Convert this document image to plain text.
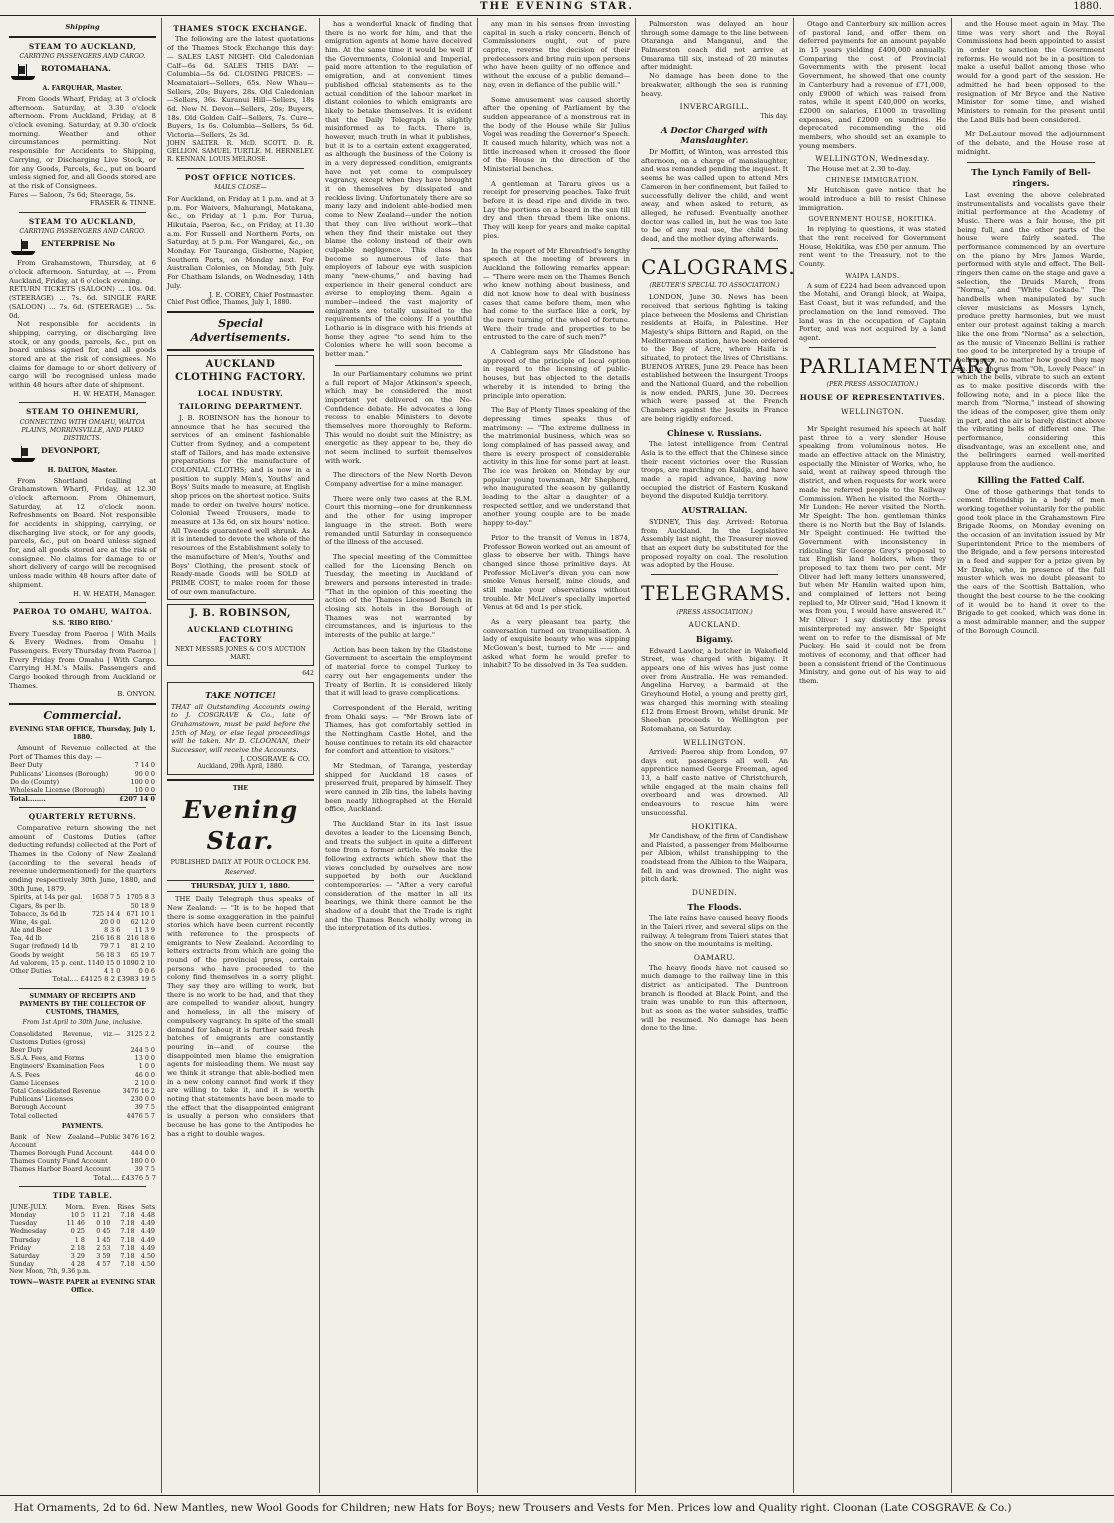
THE EVENING STAR.	1880.
Shipping
STEAM TO AUCKLAND,
CARRYING PASSENGERS AND CARGO.
ROTOMAHANA.
A. FARQUHAR, Master.

From Goods Wharf, Friday, at 3 o'clock afternoon. Saturday, at 3.30 o'clock afternoon. From Auckland, Friday, at 8 o'clock evening. Saturday, at 9.30 o'clock morning. Weather and other circumstances permitting. Not responsible for Accidents to Shipping, Carrying, or Discharging Live Stock, or for any Goods, Parcels, &c., put on board unless signed for, and all Goods stored are at the risk of Consignees.

Fares — Saloon, 7s 6d; Steerage, 5s.

FRASER & TINNE.

STEAM TO AUCKLAND,
CARRYING PASSENGERS AND CARGO.
ENTERPRISE No

From Grahamstown, Thursday, at 6 o'clock afternoon. Saturday, at —. From Auckland, Friday, at 6 o'clock evening.

RETURN TICKETS (SALOON) ... 10s. 0d. (STEERAGE) ... 7s. 6d. SINGLE FARE (SALOON) ... 7s. 6d. (STEERAGE) ... 5s. 0d.

Not responsible for accidents in shipping, carrying, or discharging live stock, or any goods, parcels, &c., put on board unless signed for, and all goods stored are at the risk of consignees. No claims for damage to or short delivery of cargo will be recognised unless made within 48 hours after date of shipment.

H. W. HEATH, Manager.

STEAM TO OHINEMURI,
CONNECTING WITH OMAHU, WAITOA PLAINS, MORRINSVILLE, AND PIAKO DISTRICTS.
DEVONPORT,
H. DALTON, Master.

From Shortland (calling at Grahamstown Wharf), Friday, at 12.30 o'clock afternoon. From Ohinemuri, Saturday, at 12 o'clock noon. Refreshments on Board. Not responsible for accidents in shipping, carrying, or discharging live stock, or for any goods, parcels, &c., put on board unless signed for, and all goods stored are at the risk of consignee. No claims for damage to or short delivery of cargo will be recognised unless made within 48 hours after date of shipment.

H. W. HEATH, Manager.

PAEROA TO OMAHU, WAITOA.
S.S. 'RIBO RIBO.'

Every Tuesday from Paeroa | With Mails & Every Wednes. from Omahu | Passengers. Every Thursday from Paeroa | Every Friday from Omahu | With Cargo. Carrying H.M.'s Mails. Passengers and Cargo booked through from Auckland or Thames.

B. ONYON.

Commercial.
EVENING STAR OFFICE, Thursday, July 1, 1880.

Amount of Revenue collected at the Port of Thames this day: —

Beer Duty	7 14 0
Publicans' Licenses (Borough)	90 0 0
Do do (County)	100 0 0
Wholesale License (Borough)	10 0 0
Total........	£207 14 0
QUARTERLY RETURNS.

Comparative return showing the net amount of Customs Duties (after deducting refunds) collected at the Port of Thames in the Colony of New Zealand (according to the several heads of revenue undermentioned) for the quarters ending respectively 30th June, 1880, and 30th June, 1879.

Spirits, at 14s per gal.	1658 7 5	1705 8 3
Cigars, 8s per lb.		50 18 9
Tobacco, 3s 6d lb	725 14 4	671 10 1
Wine, 4s gal.	20 0 0	62 12 0
Ale and Beer	8 3 6	11 3 9
Tea, 4d lb	216 16 8	216 18 6
Sugar (refined) 1d lb	79 7 1	81 2 10
Goods by weight	56 18 3	65 19 7
Ad valorem, 15 p. cent.	1140 15 0	1090 2 10
Other Duties	4 1 0	0 0 6

Total.... £4125 8 2 £3983 19 5

SUMMARY OF RECEIPTS AND PAYMENTS BY THE COLLECTOR OF CUSTOMS, THAMES,
From 1st April to 30th June, inclusive.
Consolidated Revenue, viz.—Customs Duties (gross)	3125 2 2
Beer Duty	244 5 0
S.S.A. Fees, and Forms	13 0 0
Engineers' Examination Fees	1 0 0
A.S. Fees	46 0 0
Game Licenses	2 10 0
Total Consolidated Revenue	3476 16 2
Publicans' Licenses	230 0 0
Borough Account	39 7 5
Total collected	4476 5 7
PAYMENTS.
Bank of New Zealand—Public Account	3476 16 2
Thames Borough Fund Account	444 0 0
Thames County Fund Account	180 0 0
Thames Harbor Board Account	39 7 5

Total.... £4376 5 7

TIDE TABLE.
JUNE-JULY.	Morn.	Even.	Rises	Sets
Monday	10 5	11 21	7.18	4.48
Tuesday	11 46	0 10	7.18	4.49
Wednesday	0 25	0 45	7.18	4.49
Thursday	1 8	1 45	7.18	4.49
Friday	2 18	2 53	7.18	4.49
Saturday	3 29	3 59	7.18	4.50
Sunday	4 28	4 57	7.18	4.50

New Moon, 7th, 9.36 p.m.

TOWN—WASTE PAPER at EVENING STAR Office.

THAMES STOCK EXCHANGE.

The following are the latest quotations of the Thames Stock Exchange this day: — SALES LAST NIGHT: Old Caledonian Calf—6s 6d. SALES THIS DAY: — Columbia—5s 6d. CLOSING PRICES: — Moanataiari—Sellers, 65s. New Whau—Sellers, 20s; Buyers, 28s. Old Caledonian—Sellers, 36s. Kuranui Hill—Sellers, 18s 6d. New N. Devon—Sellers, 20s; Buyers, 18s. Old Golden Calf—Sellers, 7s. Cure—Buyers, 1s 6s. Columbia—Sellers, 5s 6d. Victoria—Sellers, 2s 3d.

JOHN SALTER. R. McD. SCOTT. D. R. GELLION. SAMUEL TURTLE. M. HERNELEY. R. KENNAN. LOUIS MELROSE.

POST OFFICE NOTICES.
MAILS CLOSE—

For Auckland, on Friday at 1 p.m. and at 3 p.m. For Waivers, Mahurangi, Matakana, &c., on Friday at 1 p.m. For Turua, Hikutaia, Paeroa, &c., on Friday, at 11.30 a.m. For Russell and Northern Ports, on Saturday, at 5 p.m. For Wangarei, &c., on Monday. For Tauranga, Gisborne, Napier, Southern Ports, on Monday next. For Australian Colonies, on Monday, 5th July. For Chatham Islands, on Wednesday, 14th July.

J. E. COREY, Chief Postmaster.

Chief Post Office, Thames, July 1, 1880.

Special Advertisements.
AUCKLAND CLOTHING FACTORY.
LOCAL INDUSTRY.
TAILORING DEPARTMENT.

J. B. ROBINSON has the honour to announce that he has secured the services of an eminent fashionable Cutter from Sydney, and a competent staff of Tailors, and has made extensive preparations for the manufacture of COLONIAL CLOTHS; and is now in a position to supply Men's, Youths' and Boys' Suits made to measure, at English shop prices on the shortest notice. Suits made to order on twelve hours' notice. Colonial Tweed Trousers, made to measure at 13s 6d, on six hours' notice. All Tweeds guaranteed well shrunk. As it is intended to devote the whole of the resources of the Establishment solely to the manufacture of Men's, Youths' and Boys' Clothing, the present stock of Ready-made Goods will be SOLD at PRIME COST, to make room for those of our own manufacture.

J. B. ROBINSON,
AUCKLAND CLOTHING FACTORY
NEXT MESSRS JONES & CO'S AUCTION MART.

642

TAKE NOTICE!

THAT all Outstanding Accounts owing to J. COSGRAVE & Co., late of Grahamstown, must be paid before the 15th of May, or else legal proceedings will be taken. Mr D. CLOONAN, their Successor, will receive the Accounts.

J. COSGRAVE & CO.

Auckland, 29th April, 1880.

THE
Evening Star.
PUBLISHED DAILY AT FOUR O'CLOCK P.M.
Reserved.
THURSDAY, JULY 1, 1880.

THE Daily Telegraph thus speaks of New Zealand: — "It is to be hoped that there is some exaggeration in the painful stories which have been current recently with reference to the prospects of emigrants to New Zealand. According to letters extracts from which are going the round of the provincial press, certain persons who have proceeded to the colony find themselves in a sorry plight. They say they are willing to work, but there is no work to be had, and that they are compelled to wander about, hungry and homeless, in all the misery of compulsory vagrancy. In spite of the small demand for labour, it is further said fresh batches of emigrants are constantly pouring in—and of course the disappointed men blame the emigration agents for misleading them. We must say we think it strange that able-bodied men in a new colony cannot find work if they are willing to take it, and it is worth noting that statements have been made to the effect that the disappointed emigrant is usually a person who considers that because he has gone to the Antipodes he has a right to double wages.

has a wonderful knack of finding that there is no work for him, and that the emigration agents at home have deceived him. At the same time it would be well if the Governments, Colonial and Imperial, paid more attention to the regulation of emigration, and at convenient times published official statements as to the actual condition of the labour market in distant colonies to which emigrants are likely to betake themselves. It is evident that the Daily Telegraph is slightly misinformed as to facts. There is, however, much truth in what it publishes, but it is to a certain extent exaggerated, as although the business of the Colony is in a very depressed condition, emigrants have not yet come to compulsory vagrancy, except when they have brought it on themselves by dissipated and reckless living. Unfortunately there are so many lazy and indolent able-bodied men come to New Zealand—under the notion that they can live without work—that when they find their mistake out they blame the colony instead of their own culpable negligence. This class has become so numerous of late that employers of labour eye with suspicion many "new-chums," and having had experience in their general conduct are averse to employing them. Again a number—indeed the vast majority of emigrants are totally unsuited to the requirements of the colony. If a youthful Lothario is in disgrace with his friends at home they agree "to send him to the Colonies where he will soon become a better man."

In our Parliamentary columns we print a full report of Major Atkinson's speech, which may be considered the most important yet delivered on the No-Confidence debate. He advocates a long recess to enable Ministers to devote themselves more thoroughly to Reform. This would no doubt suit the Ministry; as energetic as they appear to be, they do not seem inclined to surfeit themselves with work.

The directors of the New North Devon Company advertise for a mine manager.

There were only two cases at the R.M. Court this morning—one for drunkenness and the other for using improper language in the street. Both were remanded until Saturday in consequence of the illness of the accused.

The special meeting of the Committee called for the Licensing Bench on Tuesday, the meeting in Auckland of brewers and persons interested in trade: "That in the opinion of this meeting the action of the Thames Licensed Bench in closing six hotels in the Borough of Thames was not warranted by circumstances, and is injurious to the interests of the public at large."

Action has been taken by the Gladstone Government to ascertain the employment of material force to compel Turkey to carry out her engagements under the Treaty of Berlin. It is considered likely that it will lead to grave complications.

Correspondent of the Herald, writing from Ohaki says: — "Mr Brown late of Thames, has got comfortably settled in the Nottingham Castle Hotel, and the house continues to retain its old character for comfort and attention to visitors."

Mr Stedman, of Taranga, yesterday shipped for Auckland 18 cases of preserved fruit, prepared by himself. They were canned in 2lb tins, the labels having been neatly lithographed at the Herald office, Auckland.

The Auckland Star in its last issue devotes a leader to the Licensing Bench, and treats the subject in quite a different tone from a former article. We make the following extracts which show that the views concluded by ourselves are now supported by both our Auckland contemporaries: — "After a very careful consideration of the matter in all its bearings, we think there cannot be the shadow of a doubt that the Trade is right and the Thames Bench wholly wrong in the interpretation of its duties.

any man in his senses from investing capital in such a risky concern. Bench of Commissioners ought, out of pure caprice, reverse the decision of their predecessors and bring ruin upon persons who have been guilty of no offence and without the excuse of a public demand—nay, even in defiance of the public will."

Some amusement was caused shortly after the opening of Parliament by the sudden appearance of a monstrous rat in the body of the House while Sir Julius Vogel was reading the Governor's Speech. It caused much hilarity, which was not a little increased when it crossed the floor of the House in the direction of the Ministerial benches.

A gentleman at Tararu gives us a receipt for preserving peaches. Take fruit before it is dead ripe and divide in two. Lay the portions on a board in the sun till dry and then thread them like onions. They will keep for years and make capital pies.

In the report of Mr Ehrenfried's lengthy speech at the meeting of brewers in Auckland the following remarks appear: — "There were men on the Thames Bench who knew nothing about business, and did not know how to deal with business cases that came before them, men who had come to the surface like a cork, by the mere turning of the wheel of fortune. Were their trade and properties to be entrusted to the care of such men?"

A Cablegram says Mr Gladstone has approved of the principle of local option in regard to the licensing of public-houses, but has objected to the details whereby it is intended to bring the principle into operation.

The Bay of Plenty Times speaking of the depressing times speaks thus of matrimony: — "The extreme dullness in the matrimonial business, which was so long complained of has passed away, and there is every prospect of considerable activity in this line for some part at least. The ice was broken on Monday by our popular young townsman, Mr Shepherd, who inaugurated the season by gallantly leading to the altar a daughter of a respected settler, and we understand that another young couple are to be made happy to-day."

Prior to the transit of Venus in 1874, Professor Bowen worked out an amount of glass to observe her with. Things have changed since those primitive days. At Professor McLiver's divan you can now smoke Venus herself, mine clouds, and still make your observations without trouble. Mr McLiver's specially imported Venus at 6d and 1s per stick.

As a very pleasant tea party, the conversation turned on tranquilisation. A lady of exquisite beauty who was sipping McGowan's best, turned to Mr —— and asked what form he would prefer to inhabit? To be dissolved in 3s Tea sudden.

Palmerston was delayed an hour through some damage to the line between Otaranga and Manganui, and the Palmerston coach did not arrive at Omarama till six, instead of 20 minutes after midnight.

No damage has been done to the breakwater, although the sea is running heavy.

INVERCARGILL.

This day.

A Doctor Charged with Manslaughter.

Dr Moffitt, of Winton, was arrested this afternoon, on a charge of manslaughter, and was remanded pending the inquest. It seems he was called upon to attend Mrs Cameron in her confinement, but failed to successfully deliver the child, and went away, and when asked to return, as alleged, he refused. Eventually another doctor was called in, but he was too late to be of any real use, the child being dead, and the mother dying afterwards.

CALOGRAMS.
(REUTER'S SPECIAL TO ASSOCIATION.)

LONDON, June 30. News has been received that serious fighting is taking place between the Moslems and Christian residents at Haifa, in Palestine. Her Majesty's ships Bittern and Rapid, on the Mediterranean station, have been ordered to the Bay of Acre, where Haifa is situated, to protect the lives of Christians. BUENOS AYRES, June 29. Peace has been established between the Insurgent Troops and the National Guard, and the rebellion is now ended. PARIS, June 30. Decrees which were passed at the French Chambers against the Jesuits in France are being rigidly enforced.

Chinese v. Russians.

The latest intelligence from Central Asia is to the effect that the Chinese since their recent victories over the Russian troops, are marching on Kuldja, and have made a rapid advance, having now occupied the district of Eastern Kuskand beyond the disputed Kuldja territory.

AUSTRALIAN.

SYDNEY, This day. Arrived: Rotorua from Auckland. In the Legislative Assembly last night, the Treasurer moved that an export duty be substituted for the proposed royalty on coal. The resolution was adopted by the House.

TELEGRAMS.
(PRESS ASSOCIATION.)
AUCKLAND.
Bigamy.

Edward Lawlor, a butcher in Wakefield Street, was charged with bigamy. It appears one of his wives has just come over from Australia. He was remanded. Angelina Harvey, a barmaid at the Greyhound Hotel, a young and pretty girl, was charged this morning with stealing £12 from Ernest Brown, whilst drunk. Mr Sheehan proceeds to Wellington per Rotomahana, on Saturday.

WELLINGTON.

Arrived: Paeroa ship from London, 97 days out, passengers all well. An apprentice named George Freeman, aged 13, a half caste native of Christchurch, while engaged at the main chains fell overboard and was drowned. All endeavours to rescue him were unsuccessful.

HOKITIKA.

Mr Candishaw, of the firm of Candishaw and Plaisted, a passenger from Melbourne per Albion, whilst transhipping to the roadstead from the Albion to the Waipara, fell in and was drowned. The night was pitch dark.

DUNEDIN.
The Floods.

The late rains have caused heavy floods in the Taieri river, and several slips on the railway. A telegram from Taieri states that the snow on the mountains is melting.

OAMARU.

The heavy floods have not caused so much damage to the railway line in this district as anticipated. The Duntroon branch is flooded at Black Point, and the train was unable to run this afternoon, but as soon as the water subsides, traffic will be resumed. No damage has been done to the line.

Otago and Canterbury six million acres of pastoral land, and offer them on deferred payments for an amount payable in 15 years yielding £400,000 annually. Comparing the cost of Provincial Governments with the present local Government, he showed that one county in Canterbury had a revenue of £71,000, only £9000 of which was raised from rates, while it spent £40,000 on works, £2000 on salaries, £1000 in travelling expenses, and £2000 on sundries. He deprecated recommending the old members, who should set an example to young members.

WELLINGTON, Wednesday.

The House met at 2.30 to-day.

CHINESE IMMIGRATION.

Mr Hutchison gave notice that he would introduce a bill to resist Chinese immigration.

GOVERNMENT HOUSE, HOKITIKA.

In replying to questions, it was stated that the rent received for Government House, Hokitika, was £50 per annum. The rent went to the Treasury, not to the County.

WAIPA LANDS.

A sum of £224 had been advanced upon the Motahi, and Orangi block, at Waipa, East Coast, but it was refunded, and the proclamation on the land removed. The land was in the occupation of Captain Porter, and was not acquired by a land agent.

PARLIAMENTARY.
(PER PRESS ASSOCIATION.)
HOUSE OF REPRESENTATIVES.
WELLINGTON.

Tuesday.

Mr Speight resumed his speech at half past three to a very slender House speaking from voluminous notes. He made an effective attack on the Ministry, especially the Minister of Works, who, he said, went at railway speed through the district, and when requests for work were made he referred people to the Railway Commission. When he visited the North— Mr Lundon: He never visited the North. Mr Speight: The hon. gentleman thinks there is no North but the Bay of Islands. Mr Speight continued: He twitted the Government with inconsistency in ridiculing Sir George Grey's proposal to tax English land holders, when they proposed to tax them two per cent. Mr Oliver had left many letters unanswered, but when Mr Hamlin waited upon him, and complained of letters not being replied to, Mr Oliver said, "Had I known it was from you, I would have answered it." Mr Oliver: I say distinctly the press misinterpreted my answer. Mr Speight went on to refer to the dismissal of Mr Puckey. He said it could not be from motives of economy, and that officer had been a consistent friend of the Continuous Ministry, and gone out of his way to aid them.

and the House meet again in May. The time was very short and the Royal Commissions had been appointed to assist in order to sanction the Government reforms. He would not be in a position to make a useful ballot among those who would for a good part of the session. He admitted he had been opposed to the resignation of Mr Bryce and the Native Minister for some time, and wished Ministers to remain for the present until the Land Bills had been considered.

Mr DeLautour moved the adjournment of the debate, and the House rose at midnight.

The Lynch Family of Bell-ringers.

Last evening the above celebrated instrumentalists and vocalists gave their initial performance at the Academy of Music. There was a fair house, the pit being full, and the other parts of the house were fairly seated. The performance commenced by an overture on the piano by Mrs James Warde, performed with style and effect. The Bell-ringers then came on the stage and gave a selection, the Druids March, from "Norma," and "White Cockade." The handbells when manipulated by such clever musicians as Messrs Lynch, produce pretty harmonies, but we must enter our protest against taking a march like the one from "Norma" as a selection, as the music of Vincenzo Bellini is rather too good to be interpreted by a troupe of bellringers, no matter how good they may be. The chorus from "Oh, Lovely Peace" in which the bells, vibrate to such an extent as to make positive discords with the following note, and in a piece like the march from "Norma," instead of showing the ideas of the composer, give them only in part, and the air is barely distinct above the vibrating bells of different one. The performance, considering this disadvantage, was an excellent one, and the bellringers earned well-merited applause from the audience.

Killing the Fatted Calf.

One of those gatherings that tends to cement friendship in a body of men working together voluntarily for the public good took place in the Grahamstown Fire Brigade Rooms, on Monday evening on the occasion of an invitation issued by Mr Superintendent Price to the members of the Brigade, and a few persons interested in a feed and supper for a prize given by Mr Drake, who, in presence of the full muster which was no doubt pleasant to the ears of the Scottish Battalion, who thought the best course to be the cooking of it would be to hand it over to the Brigade to get cooked, which was done in a most admirable manner, and the supper of the Borough Council.

Hat Ornaments, 2d to 6d. New Mantles, new Wool Goods for Children; new Hats for Boys; new Trousers and Vests for Men. Prices low and Quality right. Cloonan (Late COSGRAVE & Co.)
